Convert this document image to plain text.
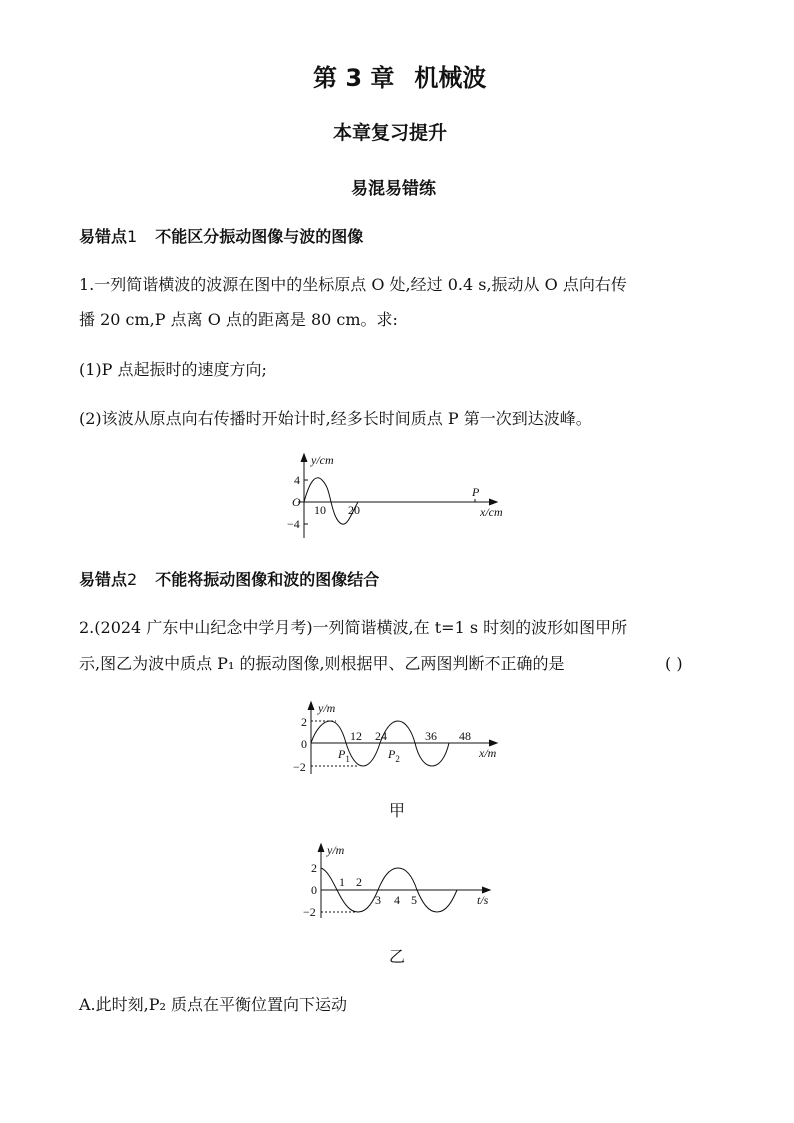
第 3 章 机械波
本章复习提升
易混易错练
易错点1 不能区分振动图像与波的图像
1.一列简谐横波的波源在图中的坐标原点 O 处,经过 0.4 s,振动从 O 点向右传
播 20 cm,P 点离 O 点的距离是 80 cm。求:
(1)P 点起振时的速度方向;
(2)该波从原点向右传播时开始计时,经多长时间质点 P 第一次到达波峰。
y/cm
x/cm
O
4
−4
10 20
P
易错点2 不能将振动图像和波的图像结合
2.(2024 广东中山纪念中学月考)一列简谐横波,在 t=1 s 时刻的波形如图甲所
示,图乙为波中质点 P₁ 的振动图像,则根据甲、乙两图判断不正确的是	( )
y/m
x/m
2
0
−2
12 24	36 48
$P_1$	$P_2$
甲
y/m
t/s
2
0
−2
1 2
3 4 5
乙
A.此时刻,P₂ 质点在平衡位置向下运动
